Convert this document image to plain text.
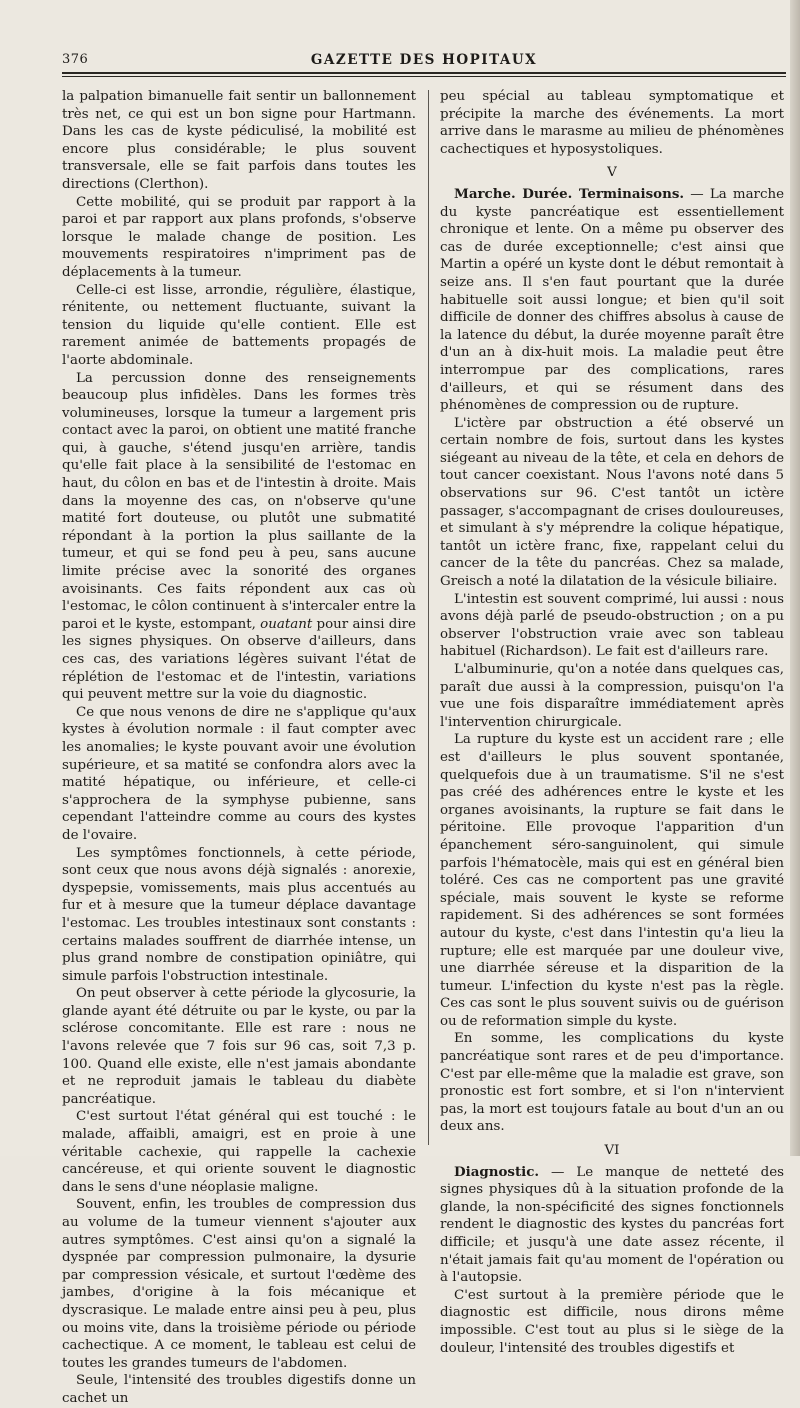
376	GAZETTE DES HOPITAUX

la palpation bimanuelle fait sentir un ballonnement très net, ce qui est un bon signe pour Hartmann. Dans les cas de kyste pédiculisé, la mobilité est encore plus considérable; le plus souvent transversale, elle se fait parfois dans toutes les directions (Clerthon).

Cette mobilité, qui se produit par rapport à la paroi et par rapport aux plans profonds, s'observe lorsque le malade change de position. Les mouvements respiratoires n'impriment pas de déplacements à la tumeur.

Celle-ci est lisse, arrondie, régulière, élastique, rénitente, ou nettement fluctuante, suivant la tension du liquide qu'elle contient. Elle est rarement animée de battements propagés de l'aorte abdominale.

La percussion donne des renseignements beaucoup plus infidèles. Dans les formes très volumineuses, lorsque la tumeur a largement pris contact avec la paroi, on obtient une matité franche qui, à gauche, s'étend jusqu'en arrière, tandis qu'elle fait place à la sensibilité de l'estomac en haut, du côlon en bas et de l'intestin à droite. Mais dans la moyenne des cas, on n'observe qu'une matité fort douteuse, ou plutôt une submatité répondant à la portion la plus saillante de la tumeur, et qui se fond peu à peu, sans aucune limite précise avec la sonorité des organes avoisinants. Ces faits répondent aux cas où l'estomac, le côlon continuent à s'intercaler entre la paroi et le kyste, estompant, ouatant pour ainsi dire les signes physiques. On observe d'ailleurs, dans ces cas, des variations légères suivant l'état de réplétion de l'estomac et de l'intestin, variations qui peuvent mettre sur la voie du diagnostic.

Ce que nous venons de dire ne s'applique qu'aux kystes à évolution normale : il faut compter avec les anomalies; le kyste pouvant avoir une évolution supérieure, et sa matité se confondra alors avec la matité hépatique, ou inférieure, et celle-ci s'approchera de la symphyse pubienne, sans cependant l'atteindre comme au cours des kystes de l'ovaire.

Les symptômes fonctionnels, à cette période, sont ceux que nous avons déjà signalés : anorexie, dyspepsie, vomissements, mais plus accentués au fur et à mesure que la tumeur déplace davantage l'estomac. Les troubles intestinaux sont constants : certains malades souffrent de diarrhée intense, un plus grand nombre de constipation opiniâtre, qui simule parfois l'obstruction intestinale.

On peut observer à cette période la glycosurie, la glande ayant été détruite ou par le kyste, ou par la sclérose concomitante. Elle est rare : nous ne l'avons relevée que 7 fois sur 96 cas, soit 7,3 p. 100. Quand elle existe, elle n'est jamais abondante et ne reproduit jamais le tableau du diabète pancréatique.

C'est surtout l'état général qui est touché : le malade, affaibli, amaigri, est en proie à une véritable cachexie, qui rappelle la cachexie cancéreuse, et qui oriente souvent le diagnostic dans le sens d'une néoplasie maligne.

Souvent, enfin, les troubles de compression dus au volume de la tumeur viennent s'ajouter aux autres symptômes. C'est ainsi qu'on a signalé la dyspnée par compression pulmonaire, la dysurie par compression vésicale, et surtout l'œdème des jambes, d'origine à la fois mécanique et dyscrasique. Le malade entre ainsi peu à peu, plus ou moins vite, dans la troisième période ou période cachectique. A ce moment, le tableau est celui de toutes les grandes tumeurs de l'abdomen.

Seule, l'intensité des troubles digestifs donne un cachet un

peu spécial au tableau symptomatique et précipite la marche des événements. La mort arrive dans le marasme au milieu de phénomènes cachectiques et hyposystoliques.

V

Marche. Durée. Terminaisons. — La marche du kyste pancréatique est essentiellement chronique et lente. On a même pu observer des cas de durée exceptionnelle; c'est ainsi que Martin a opéré un kyste dont le début remontait à seize ans. Il s'en faut pourtant que la durée habituelle soit aussi longue; et bien qu'il soit difficile de donner des chiffres absolus à cause de la latence du début, la durée moyenne paraît être d'un an à dix-huit mois. La maladie peut être interrompue par des complications, rares d'ailleurs, et qui se résument dans des phénomènes de compression ou de rupture.

L'ictère par obstruction a été observé un certain nombre de fois, surtout dans les kystes siégeant au niveau de la tête, et cela en dehors de tout cancer coexistant. Nous l'avons noté dans 5 observations sur 96. C'est tantôt un ictère passager, s'accompagnant de crises douloureuses, et simulant à s'y méprendre la colique hépatique, tantôt un ictère franc, fixe, rappelant celui du cancer de la tête du pancréas. Chez sa malade, Greisch a noté la dilatation de la vésicule biliaire.

L'intestin est souvent comprimé, lui aussi : nous avons déjà parlé de pseudo-obstruction ; on a pu observer l'obstruction vraie avec son tableau habituel (Richardson). Le fait est d'ailleurs rare.

L'albuminurie, qu'on a notée dans quelques cas, paraît due aussi à la compression, puisqu'on l'a vue une fois disparaître immédiatement après l'intervention chirurgicale.

La rupture du kyste est un accident rare ; elle est d'ailleurs le plus souvent spontanée, quelquefois due à un traumatisme. S'il ne s'est pas créé des adhérences entre le kyste et les organes avoisinants, la rupture se fait dans le péritoine. Elle provoque l'apparition d'un épanchement séro-sanguinolent, qui simule parfois l'hématocèle, mais qui est en général bien toléré. Ces cas ne comportent pas une gravité spéciale, mais souvent le kyste se reforme rapidement. Si des adhérences se sont formées autour du kyste, c'est dans l'intestin qu'a lieu la rupture; elle est marquée par une douleur vive, une diarrhée séreuse et la disparition de la tumeur. L'infection du kyste n'est pas la règle. Ces cas sont le plus souvent suivis ou de guérison ou de reformation simple du kyste.

En somme, les complications du kyste pancréatique sont rares et de peu d'importance. C'est par elle-même que la maladie est grave, son pronostic est fort sombre, et si l'on n'intervient pas, la mort est toujours fatale au bout d'un an ou deux ans.

VI

Diagnostic. — Le manque de netteté des signes physiques dû à la situation profonde de la glande, la non-spécificité des signes fonctionnels rendent le diagnostic des kystes du pancréas fort difficile; et jusqu'à une date assez récente, il n'était jamais fait qu'au moment de l'opération ou à l'autopsie.

C'est surtout à la première période que le diagnostic est difficile, nous dirons même impossible. C'est tout au plus si le siège de la douleur, l'intensité des troubles digestifs et
